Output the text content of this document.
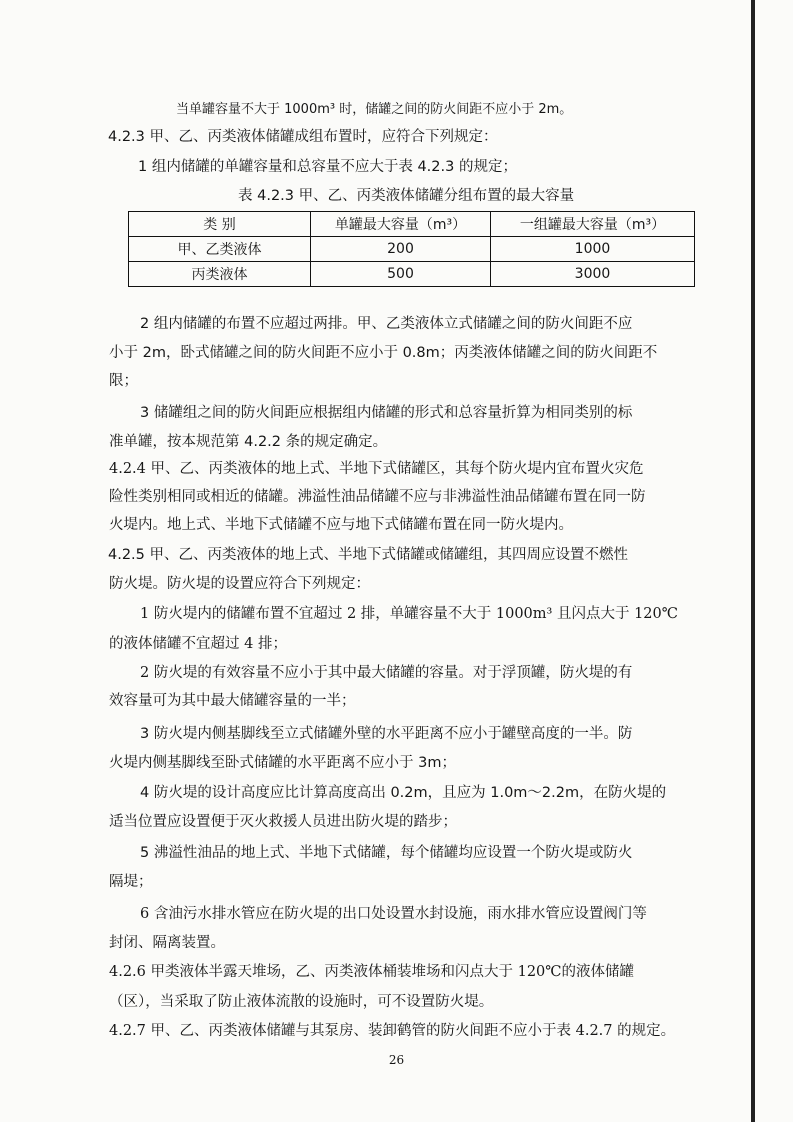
当单罐容量不大于 1000m³ 时，储罐之间的防火间距不应小于 2m。
4.2.3 甲、乙、丙类液体储罐成组布置时，应符合下列规定：
1 组内储罐的单罐容量和总容量不应大于表 4.2.3 的规定；
表 4.2.3 甲、乙、丙类液体储罐分组布置的最大容量
类 别	单罐最大容量（m³）	一组罐最大容量（m³）
甲、乙类液体	200	1000
丙类液体	500	3000
2 组内储罐的布置不应超过两排。甲、乙类液体立式储罐之间的防火间距不应
小于 2m，卧式储罐之间的防火间距不应小于 0.8m；丙类液体储罐之间的防火间距不
限；
3 储罐组之间的防火间距应根据组内储罐的形式和总容量折算为相同类别的标
准单罐，按本规范第 4.2.2 条的规定确定。
4.2.4 甲、乙、丙类液体的地上式、半地下式储罐区，其每个防火堤内宜布置火灾危
险性类别相同或相近的储罐。沸溢性油品储罐不应与非沸溢性油品储罐布置在同一防
火堤内。地上式、半地下式储罐不应与地下式储罐布置在同一防火堤内。
4.2.5 甲、乙、丙类液体的地上式、半地下式储罐或储罐组，其四周应设置不燃性
防火堤。防火堤的设置应符合下列规定：
1 防火堤内的储罐布置不宜超过 2 排，单罐容量不大于 1000m³ 且闪点大于 120℃
的液体储罐不宜超过 4 排；
2 防火堤的有效容量不应小于其中最大储罐的容量。对于浮顶罐，防火堤的有
效容量可为其中最大储罐容量的一半；
3 防火堤内侧基脚线至立式储罐外壁的水平距离不应小于罐壁高度的一半。防
火堤内侧基脚线至卧式储罐的水平距离不应小于 3m；
4 防火堤的设计高度应比计算高度高出 0.2m，且应为 1.0m～2.2m，在防火堤的
适当位置应设置便于灭火救援人员进出防火堤的踏步；
5 沸溢性油品的地上式、半地下式储罐，每个储罐均应设置一个防火堤或防火
隔堤；
6 含油污水排水管应在防火堤的出口处设置水封设施，雨水排水管应设置阀门等
封闭、隔离装置。
4.2.6 甲类液体半露天堆场，乙、丙类液体桶装堆场和闪点大于 120℃的液体储罐
（区），当采取了防止液体流散的设施时，可不设置防火堤。
4.2.7 甲、乙、丙类液体储罐与其泵房、装卸鹤管的防火间距不应小于表 4.2.7 的规定。
26
